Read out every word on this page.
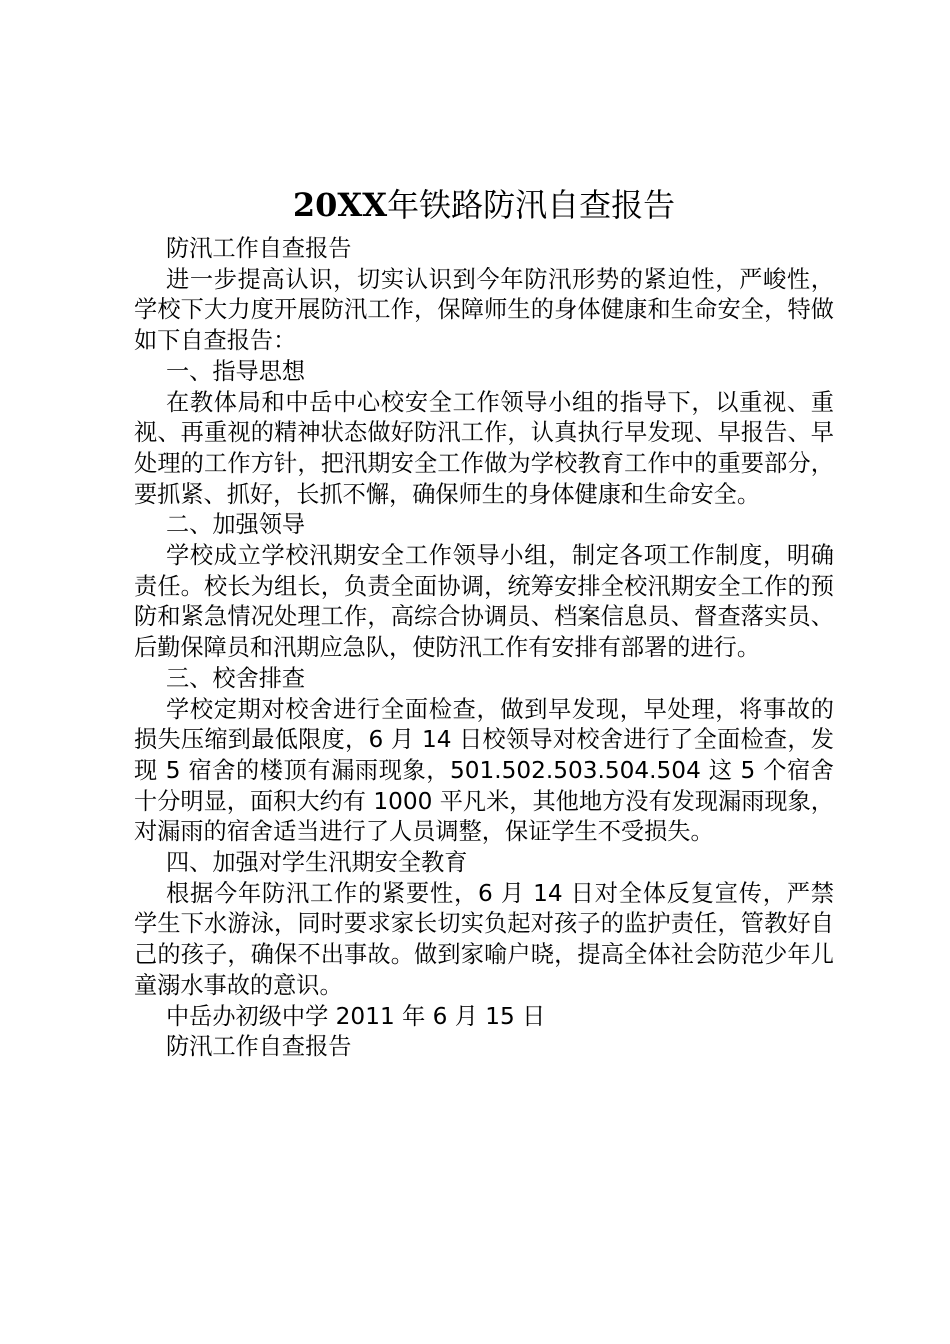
20XX年铁路防汛自查报告

防汛工作自查报告

进一步提高认识，切实认识到今年防汛形势的紧迫性，严峻性，学校下大力度开展防汛工作，保障师生的身体健康和生命安全，特做如下自查报告：

一、指导思想

在教体局和中岳中心校安全工作领导小组的指导下，以重视、重视、再重视的精神状态做好防汛工作，认真执行早发现、早报告、早处理的工作方针，把汛期安全工作做为学校教育工作中的重要部分，要抓紧、抓好，长抓不懈，确保师生的身体健康和生命安全。

二、加强领导

学校成立学校汛期安全工作领导小组，制定各项工作制度，明确责任。校长为组长，负责全面协调，统筹安排全校汛期安全工作的预防和紧急情况处理工作，高综合协调员、档案信息员、督查落实员、后勤保障员和汛期应急队，使防汛工作有安排有部署的进行。

三、校舍排查

学校定期对校舍进行全面检查，做到早发现，早处理，将事故的损失压缩到最低限度，6 月 14 日校领导对校舍进行了全面检查，发现 5 宿舍的楼顶有漏雨现象，501.502.503.504.504 这 5 个宿舍十分明显，面积大约有 1000 平凡米，其他地方没有发现漏雨现象，对漏雨的宿舍适当进行了人员调整，保证学生不受损失。

四、加强对学生汛期安全教育

根据今年防汛工作的紧要性，6 月 14 日对全体反复宣传，严禁学生下水游泳，同时要求家长切实负起对孩子的监护责任，管教好自己的孩子，确保不出事故。做到家喻户晓，提高全体社会防范少年儿童溺水事故的意识。

中岳办初级中学 2011 年 6 月 15 日

防汛工作自查报告
